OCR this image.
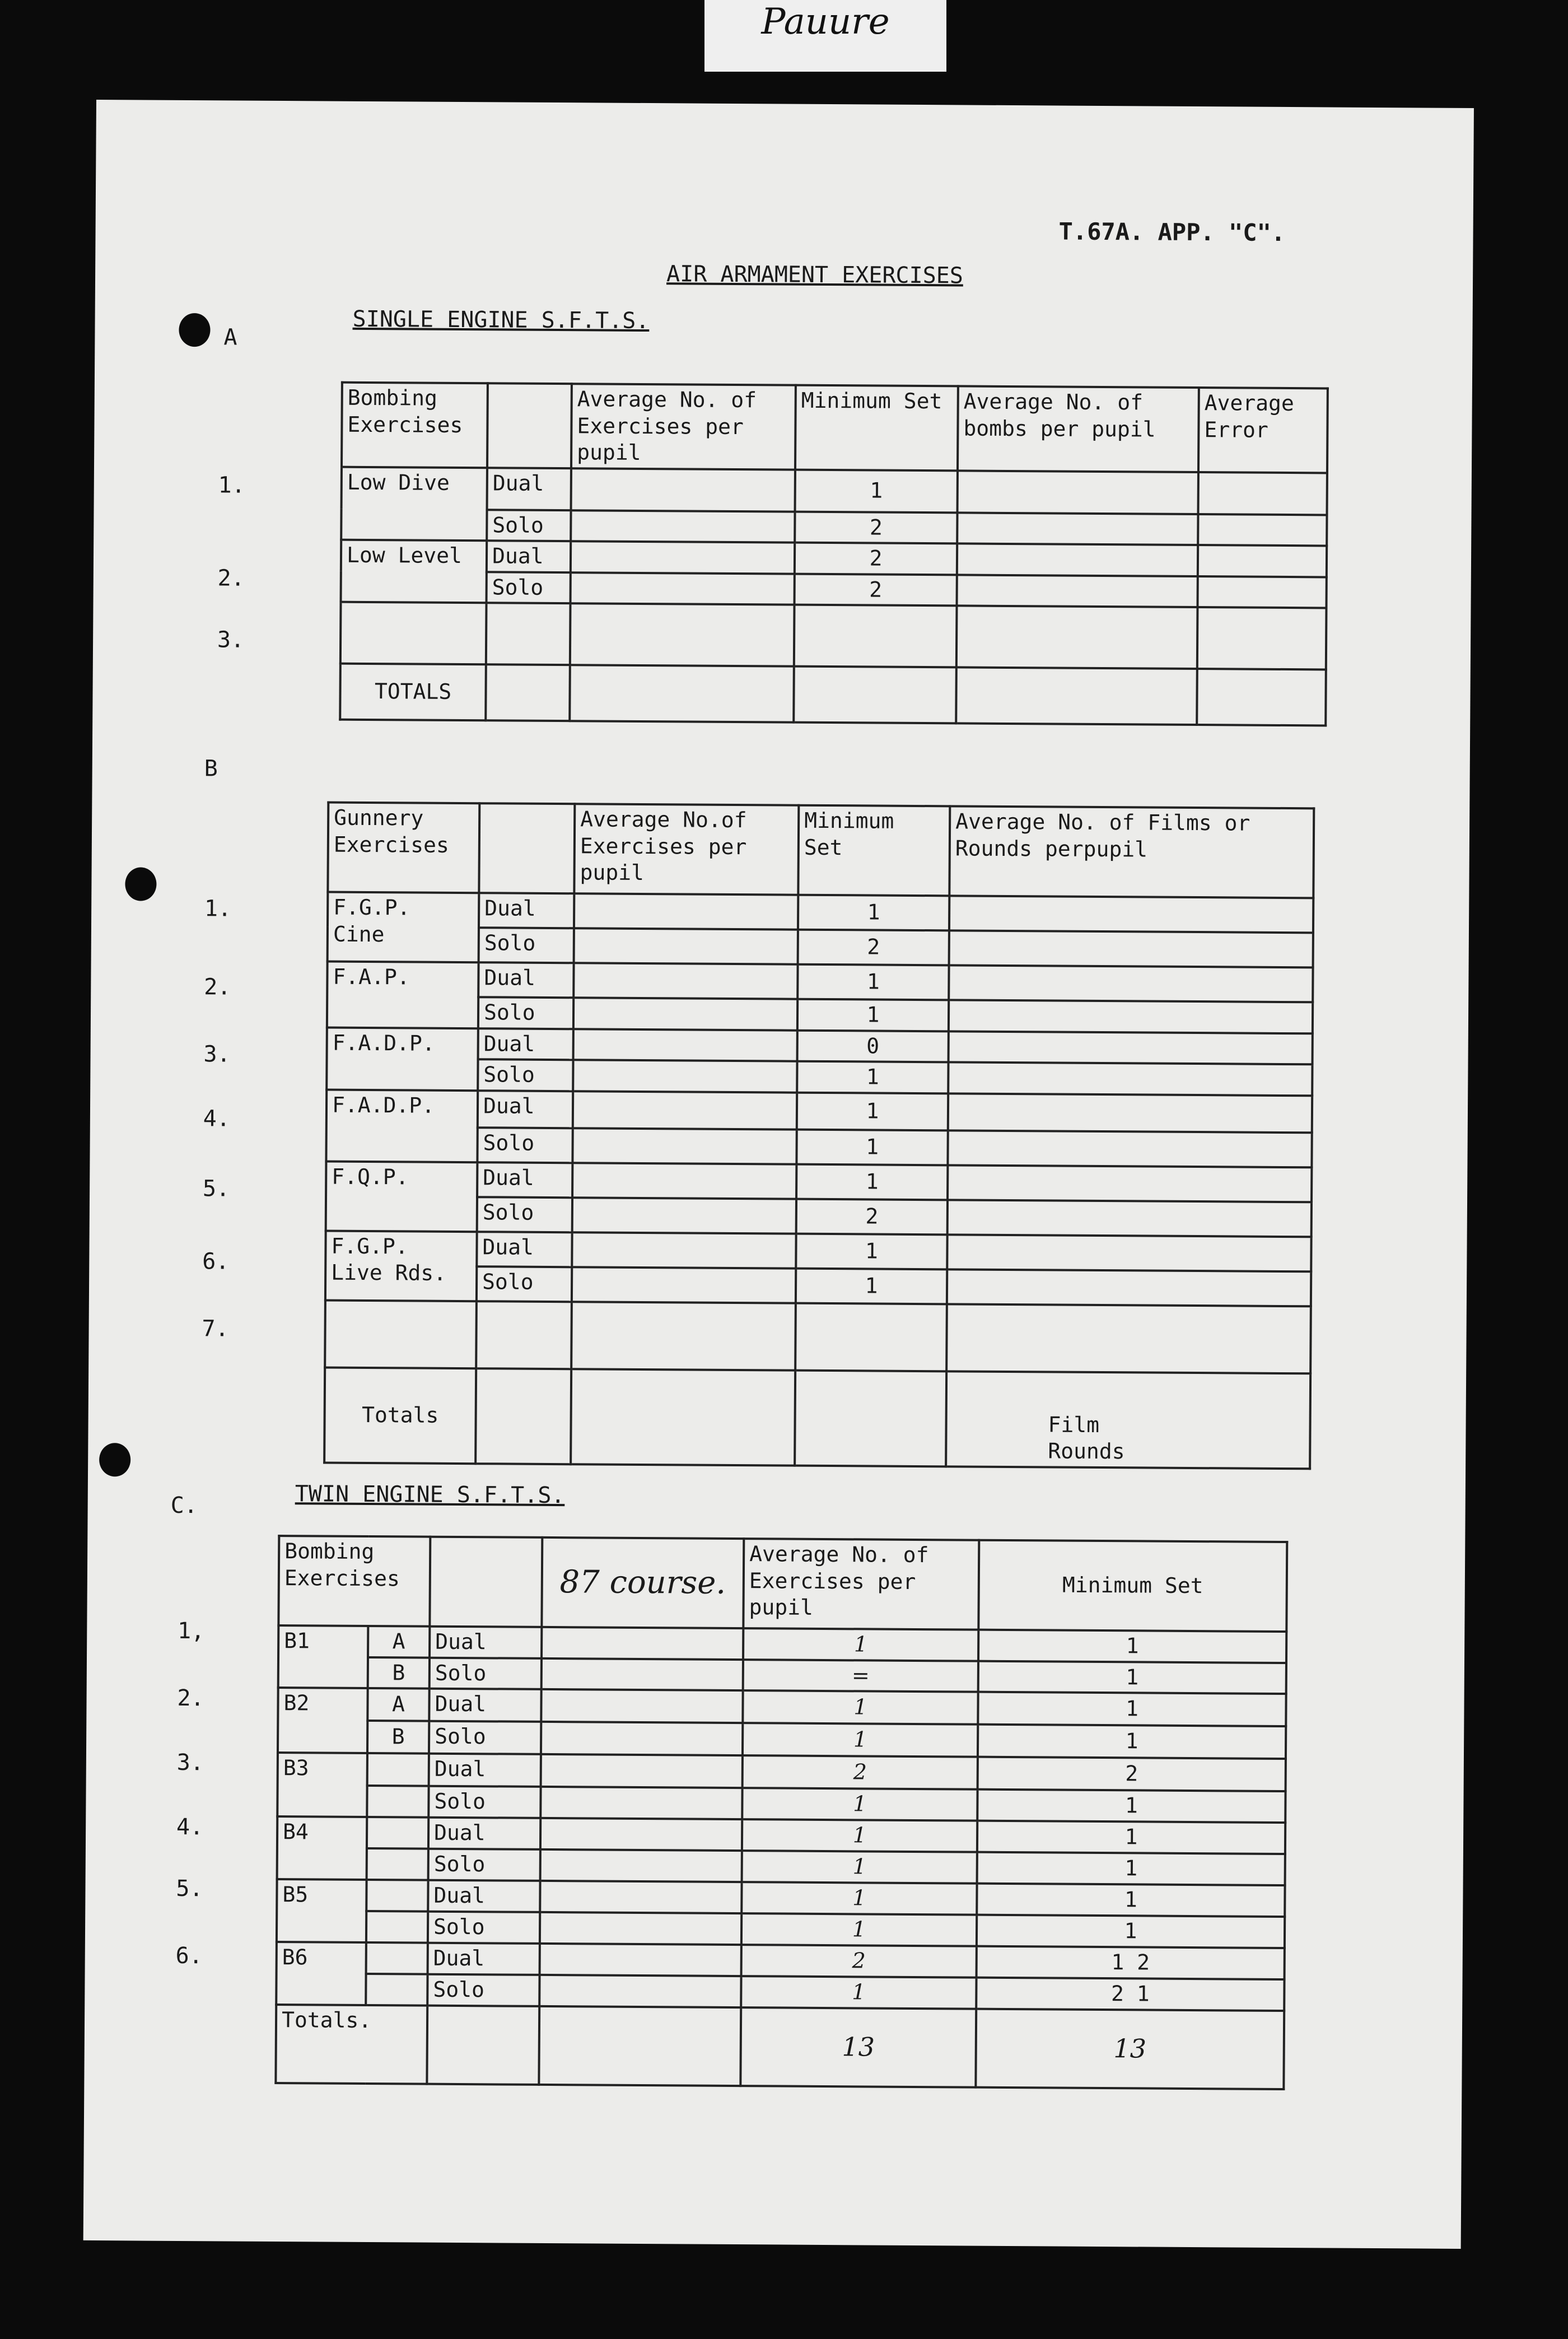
Pauure
T.67A. APP. "C".
AIR ARMAMENT EXERCISES
A
SINGLE ENGINE S.F.T.S.
1.
2.
3.
Bombing Exercises		Average No. of Exercises per pupil	Minimum Set	Average No. of bombs per pupil	Average Error
Low Dive	Dual		1		
	Solo		2		
Low Level	Dual		2		
	Solo		2		

TOTALS					
B
1.
2.
3.
4.
5.
6.
7.
Gunnery Exercises		Average No.of Exercises per pupil	Minimum Set	Average No. of Films or Rounds perpupil
F.G.P. Cine	Dual		1	
	Solo		2	
F.A.P.	Dual		1	
	Solo		1	
F.A.D.P.	Dual		0	
	Solo		1	
F.A.D.P.	Dual		1	
	Solo		1	
F.Q.P.	Dual		1	
	Solo		2	
F.G.P. Live Rds.	Dual		1	
	Solo		1	

Totals				Film
Rounds
C.	TWIN ENGINE S.F.T.S.
1,
2.
3.
4.
5.
6.
Bombing Exercises			87 course.	Average No. of Exercises per pupil	Minimum Set
B1	A	Dual		1	1
	B	Solo		=	1
B2	A	Dual		1	1
	B	Solo		1	1
B3		Dual		2	2
		Solo		1	1
B4		Dual		1	1
		Solo		1	1
B5		Dual		1	1
		Solo		1	1
B6		Dual		2	1 2
		Solo		1	2 1
Totals.				13	13
